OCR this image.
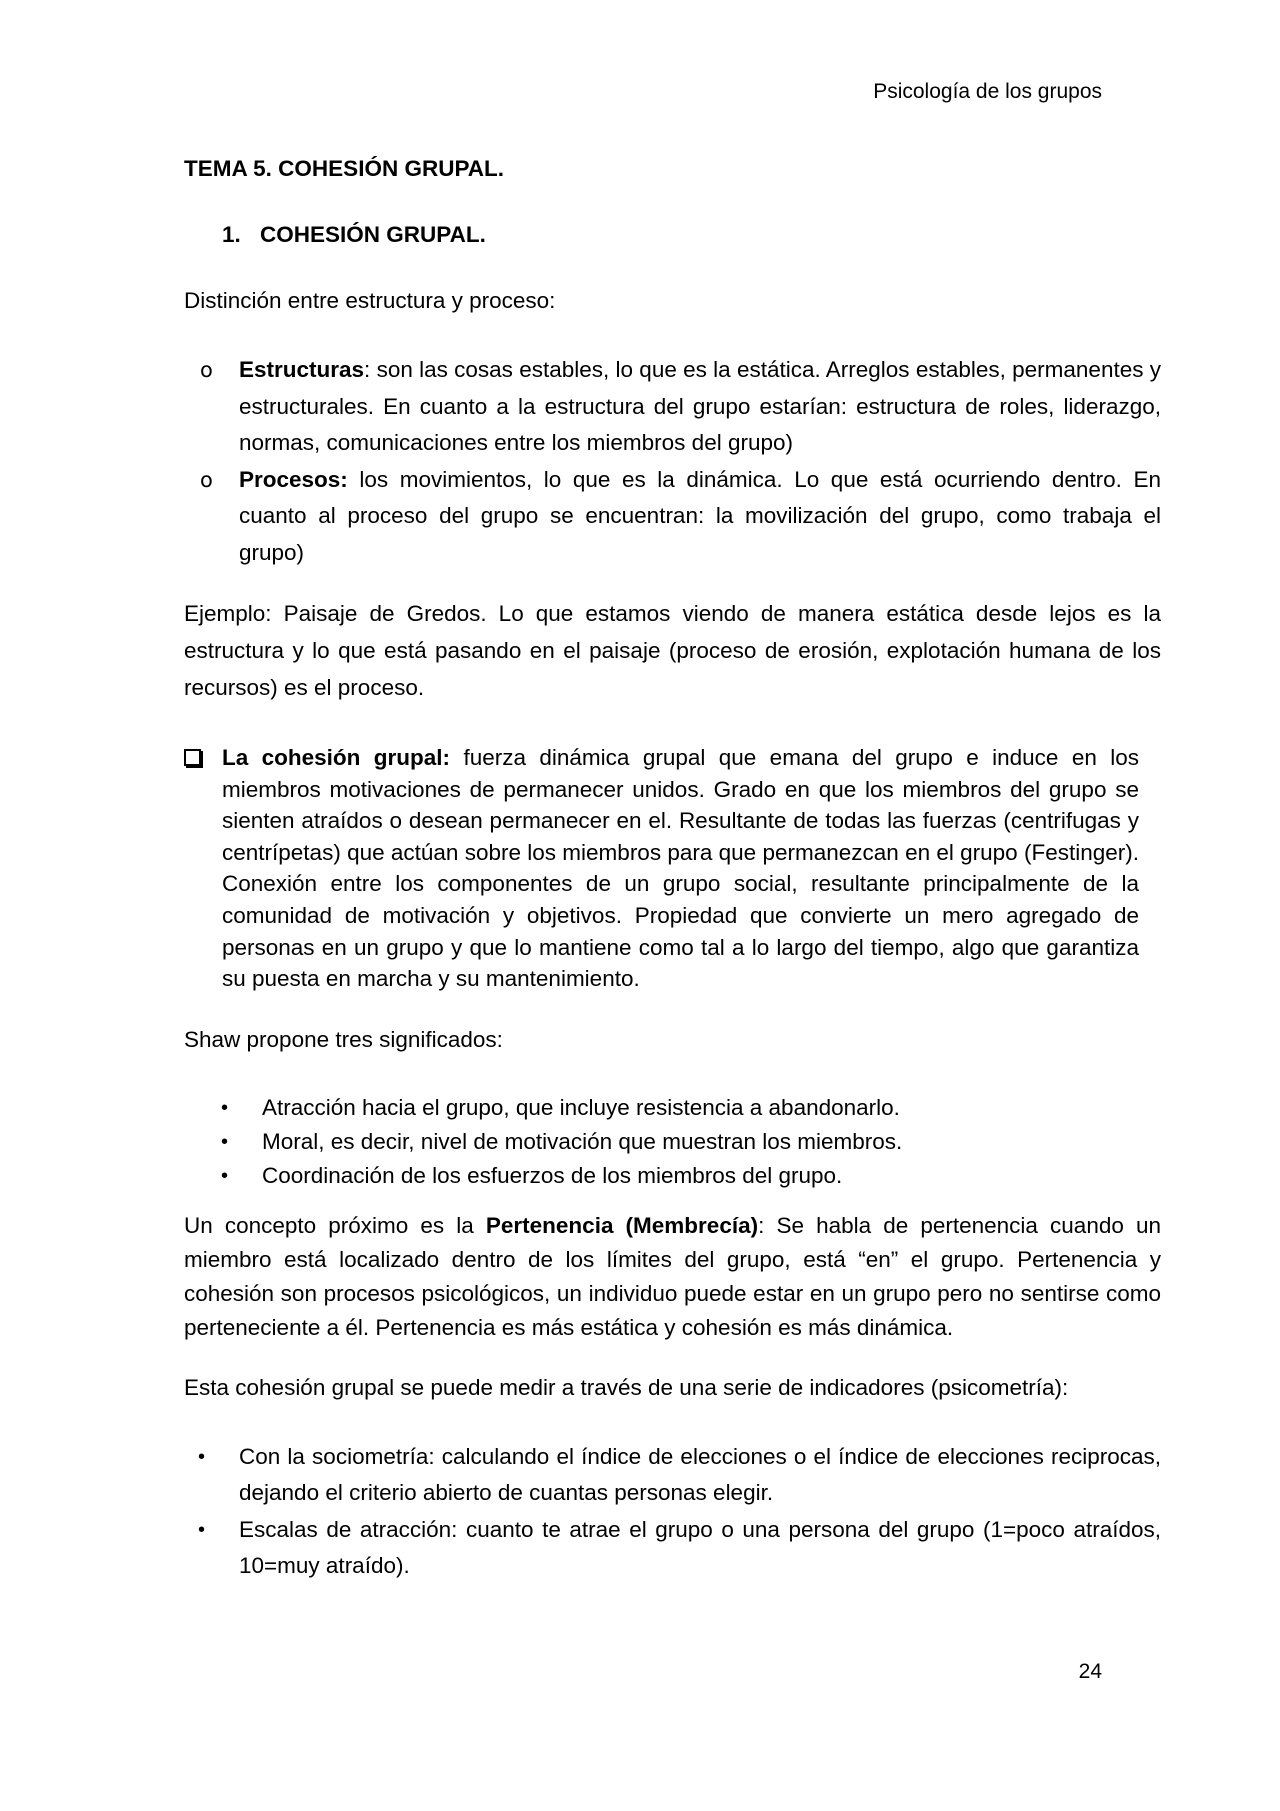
Psicología de los grupos

TEMA 5. COHESIÓN GRUPAL.

1. COHESIÓN GRUPAL.

Distinción entre estructura y proceso:

o Estructuras: son las cosas estables, lo que es la estática. Arreglos estables, permanentes y estructurales. En cuanto a la estructura del grupo estarían: estructura de roles, liderazgo, normas, comunicaciones entre los miembros del grupo)
o Procesos: los movimientos, lo que es la dinámica. Lo que está ocurriendo dentro. En cuanto al proceso del grupo se encuentran: la movilización del grupo, como trabaja el grupo)

Ejemplo: Paisaje de Gredos. Lo que estamos viendo de manera estática desde lejos es la estructura y lo que está pasando en el paisaje (proceso de erosión, explotación humana de los recursos) es el proceso.

La cohesión grupal: fuerza dinámica grupal que emana del grupo e induce en los miembros motivaciones de permanecer unidos. Grado en que los miembros del grupo se sienten atraídos o desean permanecer en el. Resultante de todas las fuerzas (centrifugas y centrípetas) que actúan sobre los miembros para que permanezcan en el grupo (Festinger). Conexión entre los componentes de un grupo social, resultante principalmente de la comunidad de motivación y objetivos. Propiedad que convierte un mero agregado de personas en un grupo y que lo mantiene como tal a lo largo del tiempo, algo que garantiza su puesta en marcha y su mantenimiento.

Shaw propone tres significados:

• Atracción hacia el grupo, que incluye resistencia a abandonarlo.
• Moral, es decir, nivel de motivación que muestran los miembros.
• Coordinación de los esfuerzos de los miembros del grupo.

Un concepto próximo es la Pertenencia (Membrecía): Se habla de pertenencia cuando un miembro está localizado dentro de los límites del grupo, está “en” el grupo. Pertenencia y cohesión son procesos psicológicos, un individuo puede estar en un grupo pero no sentirse como perteneciente a él. Pertenencia es más estática y cohesión es más dinámica.

Esta cohesión grupal se puede medir a través de una serie de indicadores (psicometría):

• Con la sociometría: calculando el índice de elecciones o el índice de elecciones reciprocas, dejando el criterio abierto de cuantas personas elegir.
• Escalas de atracción: cuanto te atrae el grupo o una persona del grupo (1=poco atraídos, 10=muy atraído).
24
